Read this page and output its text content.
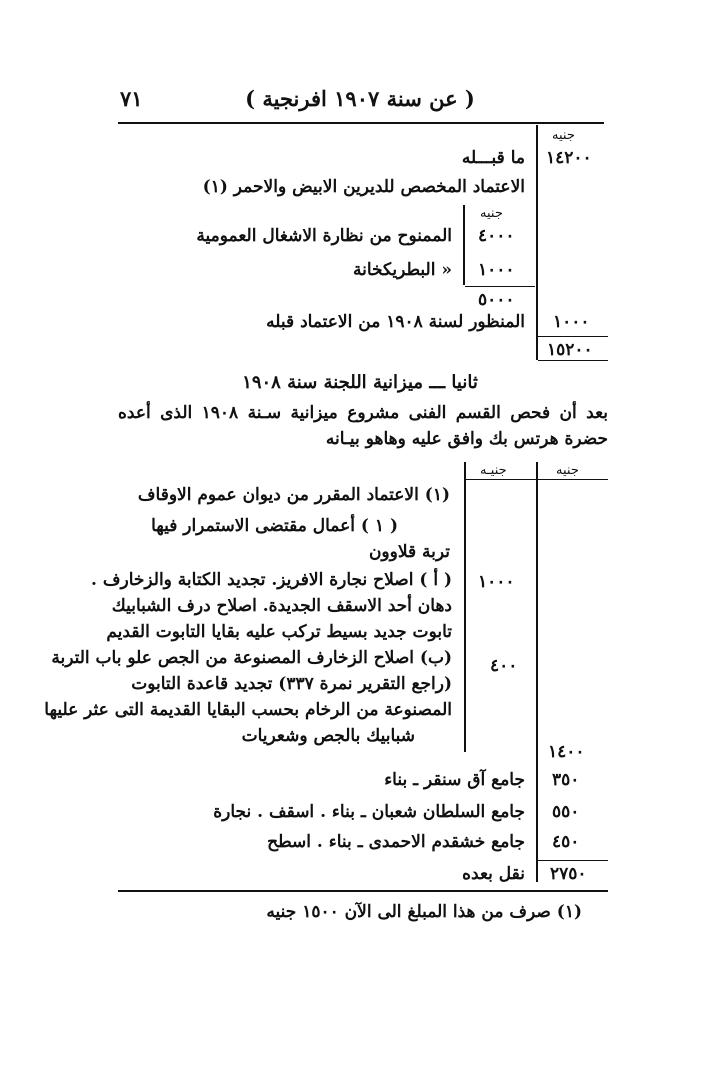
٧١	( عن سنة ١٩٠٧ افرنجية )
جنيه
١٤٢٠٠
ما قبـــله
الاعتماد المخصص للديرين الابيض والاحمر (١)
جنيه
٤٠٠٠
الممنوح من نظارة الاشغال العمومية
١٠٠٠
« البطريكخانة
٥٠٠٠
١٠٠٠
المنظور لسنة ١٩٠٨ من الاعتماد قبله
١٥٢٠٠
ثانيا ـــ ميزانية اللجنة سنة ١٩٠٨
بعد أن فحص القسم الفنى مشروع ميزانية سـنة ١٩٠٨ الذى أعده حضرة هرتس بك وافق عليه وهاهو بيـانه
جنيـه	جنيه
(١) الاعتماد المقرر من ديوان عموم الاوقاف
( ١ ) أعمال مقتضى الاستمرار فيها
تربة قلاوون
( أ ) اصلاح نجارة الافريز. تجديد الكتابة والزخارف .
دهان أحد الاسقف الجديدة. اصلاح درف الشبابيك
تابوت جديد بسيط تركب عليه بقايا التابوت القديم
١٠٠٠
(ب) اصلاح الزخارف المصنوعة من الجص علو باب التربة
(راجع التقرير نمرة ٣٣٧) تجديد قاعدة التابوت
المصنوعة من الرخام بحسب البقايا القديمة التى عثر عليها
شبابيك بالجص وشعريات
٤٠٠
١٤٠٠
٣٥٠
جامع آق سنقر ـ بناء
٥٥٠
جامع السلطان شعبان ـ بناء . اسقف . نجارة
٤٥٠
جامع خشقدم الاحمدى ـ بناء . اسطح
٢٧٥٠
نقل بعده
(١) صرف من هذا المبلغ الى الآن ١٥٠٠ جنيه
